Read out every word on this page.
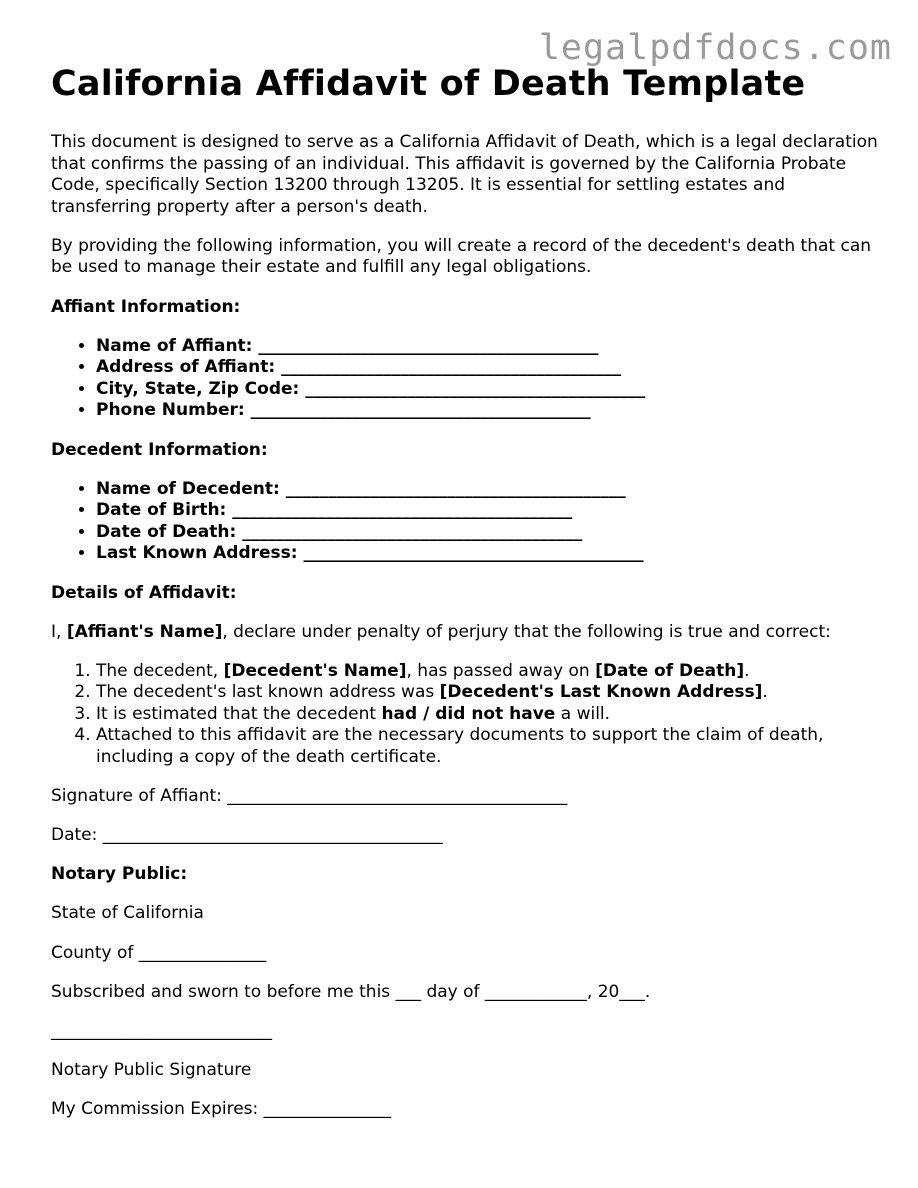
legalpdfdocs.com
California Affidavit of Death Template

This document is designed to serve as a California Affidavit of Death, which is a legal declaration that confirms the passing of an individual. This affidavit is governed by the California Probate Code, specifically Section 13200 through 13205. It is essential for settling estates and transferring property after a person's death.

By providing the following information, you will create a record of the decedent's death that can be used to manage their estate and fulfill any legal obligations.

Affiant Information:

• Name of Affiant: ________________________________________
• Address of Affiant: ________________________________________
• City, State, Zip Code: ________________________________________
• Phone Number: ________________________________________

Decedent Information:

• Name of Decedent: ________________________________________
• Date of Birth: ________________________________________
• Date of Death: ________________________________________
• Last Known Address: ________________________________________

Details of Affidavit:

I, [Affiant's Name], declare under penalty of perjury that the following is true and correct:

1. The decedent, [Decedent's Name], has passed away on [Date of Death].
2. The decedent's last known address was [Decedent's Last Known Address].
3. It is estimated that the decedent had / did not have a will.
4. Attached to this affidavit are the necessary documents to support the claim of death, including a copy of the death certificate.

Signature of Affiant: ________________________________________

Date: ________________________________________

Notary Public:

State of California

County of _______________

Subscribed and sworn to before me this ___ day of ____________, 20___.

__________________________

Notary Public Signature

My Commission Expires: _______________
